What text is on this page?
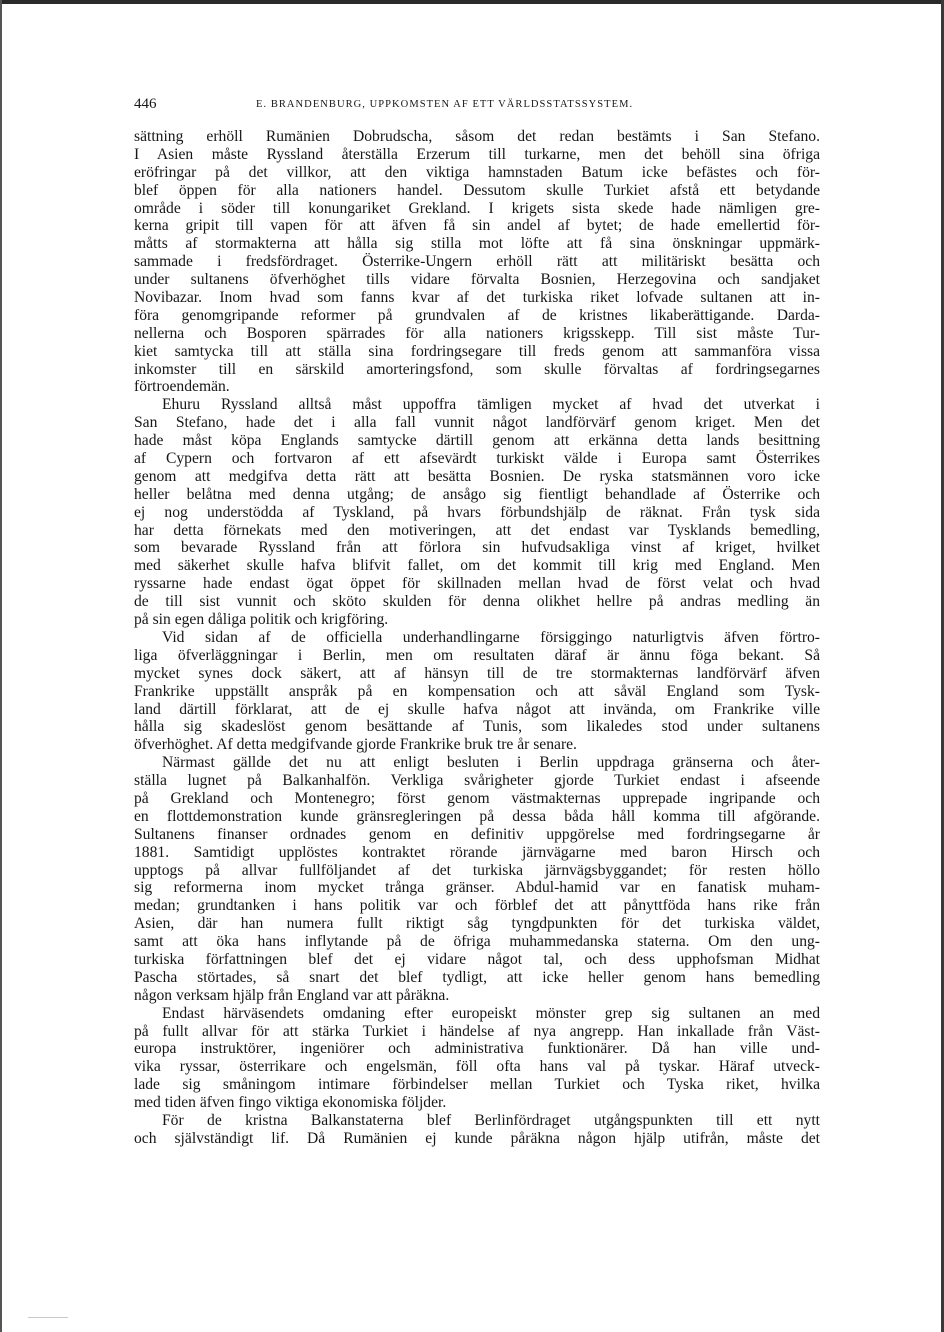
446	E. BRANDENBURG, UPPKOMSTEN AF ETT VÄRLDSSTATSSYSTEM.
sättning erhöll Rumänien Dobrudscha, såsom det redan bestämts i San Stefano.
I Asien måste Ryssland återställa Erzerum till turkarne, men det behöll sina öfriga
eröfringar på det villkor, att den viktiga hamnstaden Batum icke befästes och för-
blef öppen för alla nationers handel. Dessutom skulle Turkiet afstå ett betydande
område i söder till konungariket Grekland. I krigets sista skede hade nämligen gre-
kerna gripit till vapen för att äfven få sin andel af bytet; de hade emellertid för-
måtts af stormakterna att hålla sig stilla mot löfte att få sina önskningar uppmärk-
sammade i fredsfördraget. Österrike-Ungern erhöll rätt att militäriskt besätta och
under sultanens öfverhöghet tills vidare förvalta Bosnien, Herzegovina och sandjaket
Novibazar. Inom hvad som fanns kvar af det turkiska riket lofvade sultanen att in-
föra genomgripande reformer på grundvalen af de kristnes likaberättigande. Darda-
nellerna och Bosporen spärrades för alla nationers krigsskepp. Till sist måste Tur-
kiet samtycka till att ställa sina fordringsegare till freds genom att sammanföra vissa
inkomster till en särskild amorteringsfond, som skulle förvaltas af fordringsegarnes
förtroendemän.
Ehuru Ryssland alltså måst uppoffra tämligen mycket af hvad det utverkat i
San Stefano, hade det i alla fall vunnit något landförvärf genom kriget. Men det
hade måst köpa Englands samtycke därtill genom att erkänna detta lands besittning
af Cypern och fortvaron af ett afsevärdt turkiskt välde i Europa samt Österrikes
genom att medgifva detta rätt att besätta Bosnien. De ryska statsmännen voro icke
heller belåtna med denna utgång; de ansågo sig fientligt behandlade af Österrike och
ej nog understödda af Tyskland, på hvars förbundshjälp de räknat. Från tysk sida
har detta förnekats med den motiveringen, att det endast var Tysklands bemedling,
som bevarade Ryssland från att förlora sin hufvudsakliga vinst af kriget, hvilket
med säkerhet skulle hafva blifvit fallet, om det kommit till krig med England. Men
ryssarne hade endast ögat öppet för skillnaden mellan hvad de först velat och hvad
de till sist vunnit och sköto skulden för denna olikhet hellre på andras medling än
på sin egen dåliga politik och krigföring.
Vid sidan af de officiella underhandlingarne försiggingo naturligtvis äfven förtro-
liga öfverläggningar i Berlin, men om resultaten däraf är ännu föga bekant. Så
mycket synes dock säkert, att af hänsyn till de tre stormakternas landförvärf äfven
Frankrike uppställt anspråk på en kompensation och att såväl England som Tysk-
land därtill förklarat, att de ej skulle hafva något att invända, om Frankrike ville
hålla sig skadeslöst genom besättande af Tunis, som likaledes stod under sultanens
öfverhöghet. Af detta medgifvande gjorde Frankrike bruk tre år senare.
Närmast gällde det nu att enligt besluten i Berlin uppdraga gränserna och åter-
ställa lugnet på Balkanhalfön. Verkliga svårigheter gjorde Turkiet endast i afseende
på Grekland och Montenegro; först genom västmakternas upprepade ingripande och
en flottdemonstration kunde gränsregleringen på dessa båda håll komma till afgörande.
Sultanens finanser ordnades genom en definitiv uppgörelse med fordringsegarne år
1881. Samtidigt upplöstes kontraktet rörande järnvägarne med baron Hirsch och
upptogs på allvar fullföljandet af det turkiska järnvägsbyggandet; för resten höllo
sig reformerna inom mycket trånga gränser. Abdul-hamid var en fanatisk muham-
medan; grundtanken i hans politik var och förblef det att pånyttföda hans rike från
Asien, där han numera fullt riktigt såg tyngdpunkten för det turkiska väldet,
samt att öka hans inflytande på de öfriga muhammedanska staterna. Om den ung-
turkiska författningen blef det ej vidare något tal, och dess upphofsman Midhat
Pascha störtades, så snart det blef tydligt, att icke heller genom hans bemedling
någon verksam hjälp från England var att påräkna.
Endast härväsendets omdaning efter europeiskt mönster grep sig sultanen an med
på fullt allvar för att stärka Turkiet i händelse af nya angrepp. Han inkallade från Väst-
europa instruktörer, ingeniörer och administrativa funktionärer. Då han ville und-
vika ryssar, österrikare och engelsmän, föll ofta hans val på tyskar. Häraf utveck-
lade sig småningom intimare förbindelser mellan Turkiet och Tyska riket, hvilka
med tiden äfven fingo viktiga ekonomiska följder.
För de kristna Balkanstaterna blef Berlinfördraget utgångspunkten till ett nytt
och självständigt lif. Då Rumänien ej kunde påräkna någon hjälp utifrån, måste det
